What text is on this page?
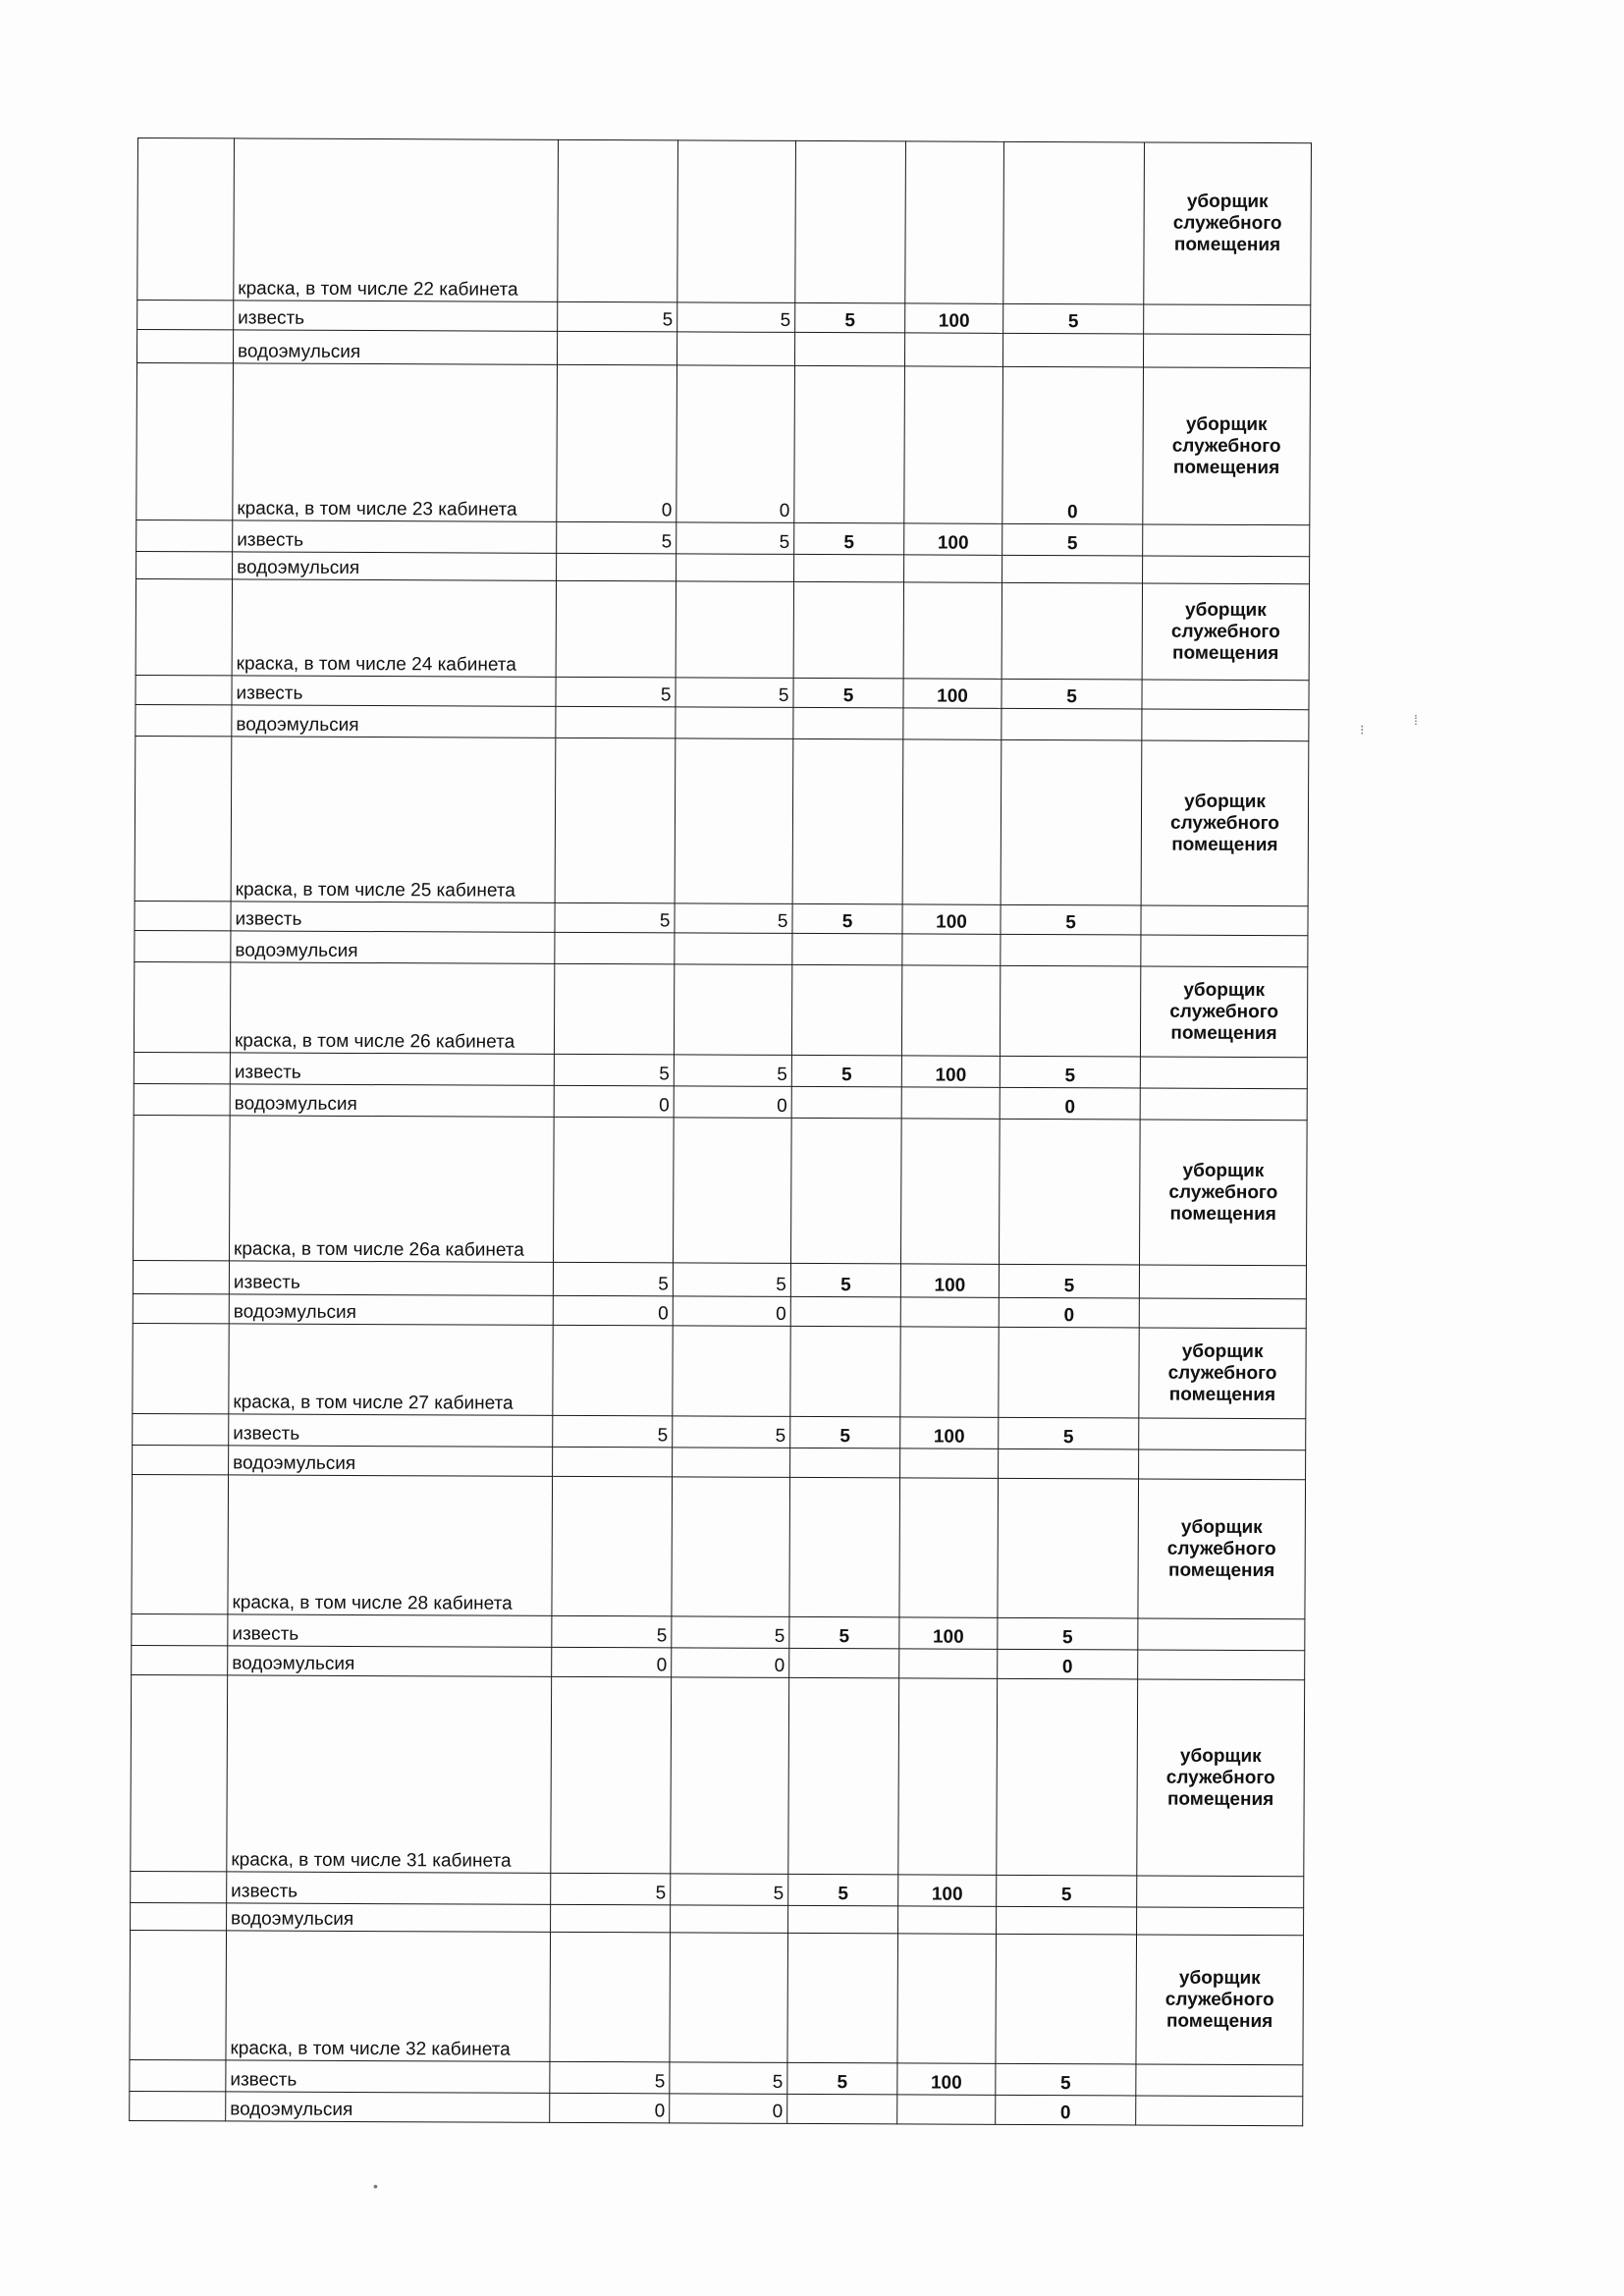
	краска, в том числе 22 кабинета						уборщик служебного помещения
	известь	5	5	5	100	5	
	водоэмульсия						
	краска, в том числе 23 кабинета	0	0			0	уборщик служебного помещения
	известь	5	5	5	100	5	
	водоэмульсия						
	краска, в том числе 24 кабинета						уборщик служебного помещения
	известь	5	5	5	100	5	
	водоэмульсия						
	краска, в том числе 25 кабинета						уборщик служебного помещения
	известь	5	5	5	100	5	
	водоэмульсия						
	краска, в том числе 26 кабинета						уборщик служебного помещения
	известь	5	5	5	100	5	
	водоэмульсия	0	0			0	
	краска, в том числе 26а кабинета						уборщик служебного помещения
	известь	5	5	5	100	5	
	водоэмульсия	0	0			0	
	краска, в том числе 27 кабинета						уборщик служебного помещения
	известь	5	5	5	100	5	
	водоэмульсия						
	краска, в том числе 28 кабинета						уборщик служебного помещения
	известь	5	5	5	100	5	
	водоэмульсия	0	0			0	
	краска, в том числе 31 кабинета						уборщик служебного помещения
	известь	5	5	5	100	5	
	водоэмульсия						
	краска, в том числе 32 кабинета						уборщик служебного помещения
	известь	5	5	5	100	5	
	водоэмульсия	0	0			0	
⁝
⁞
•
